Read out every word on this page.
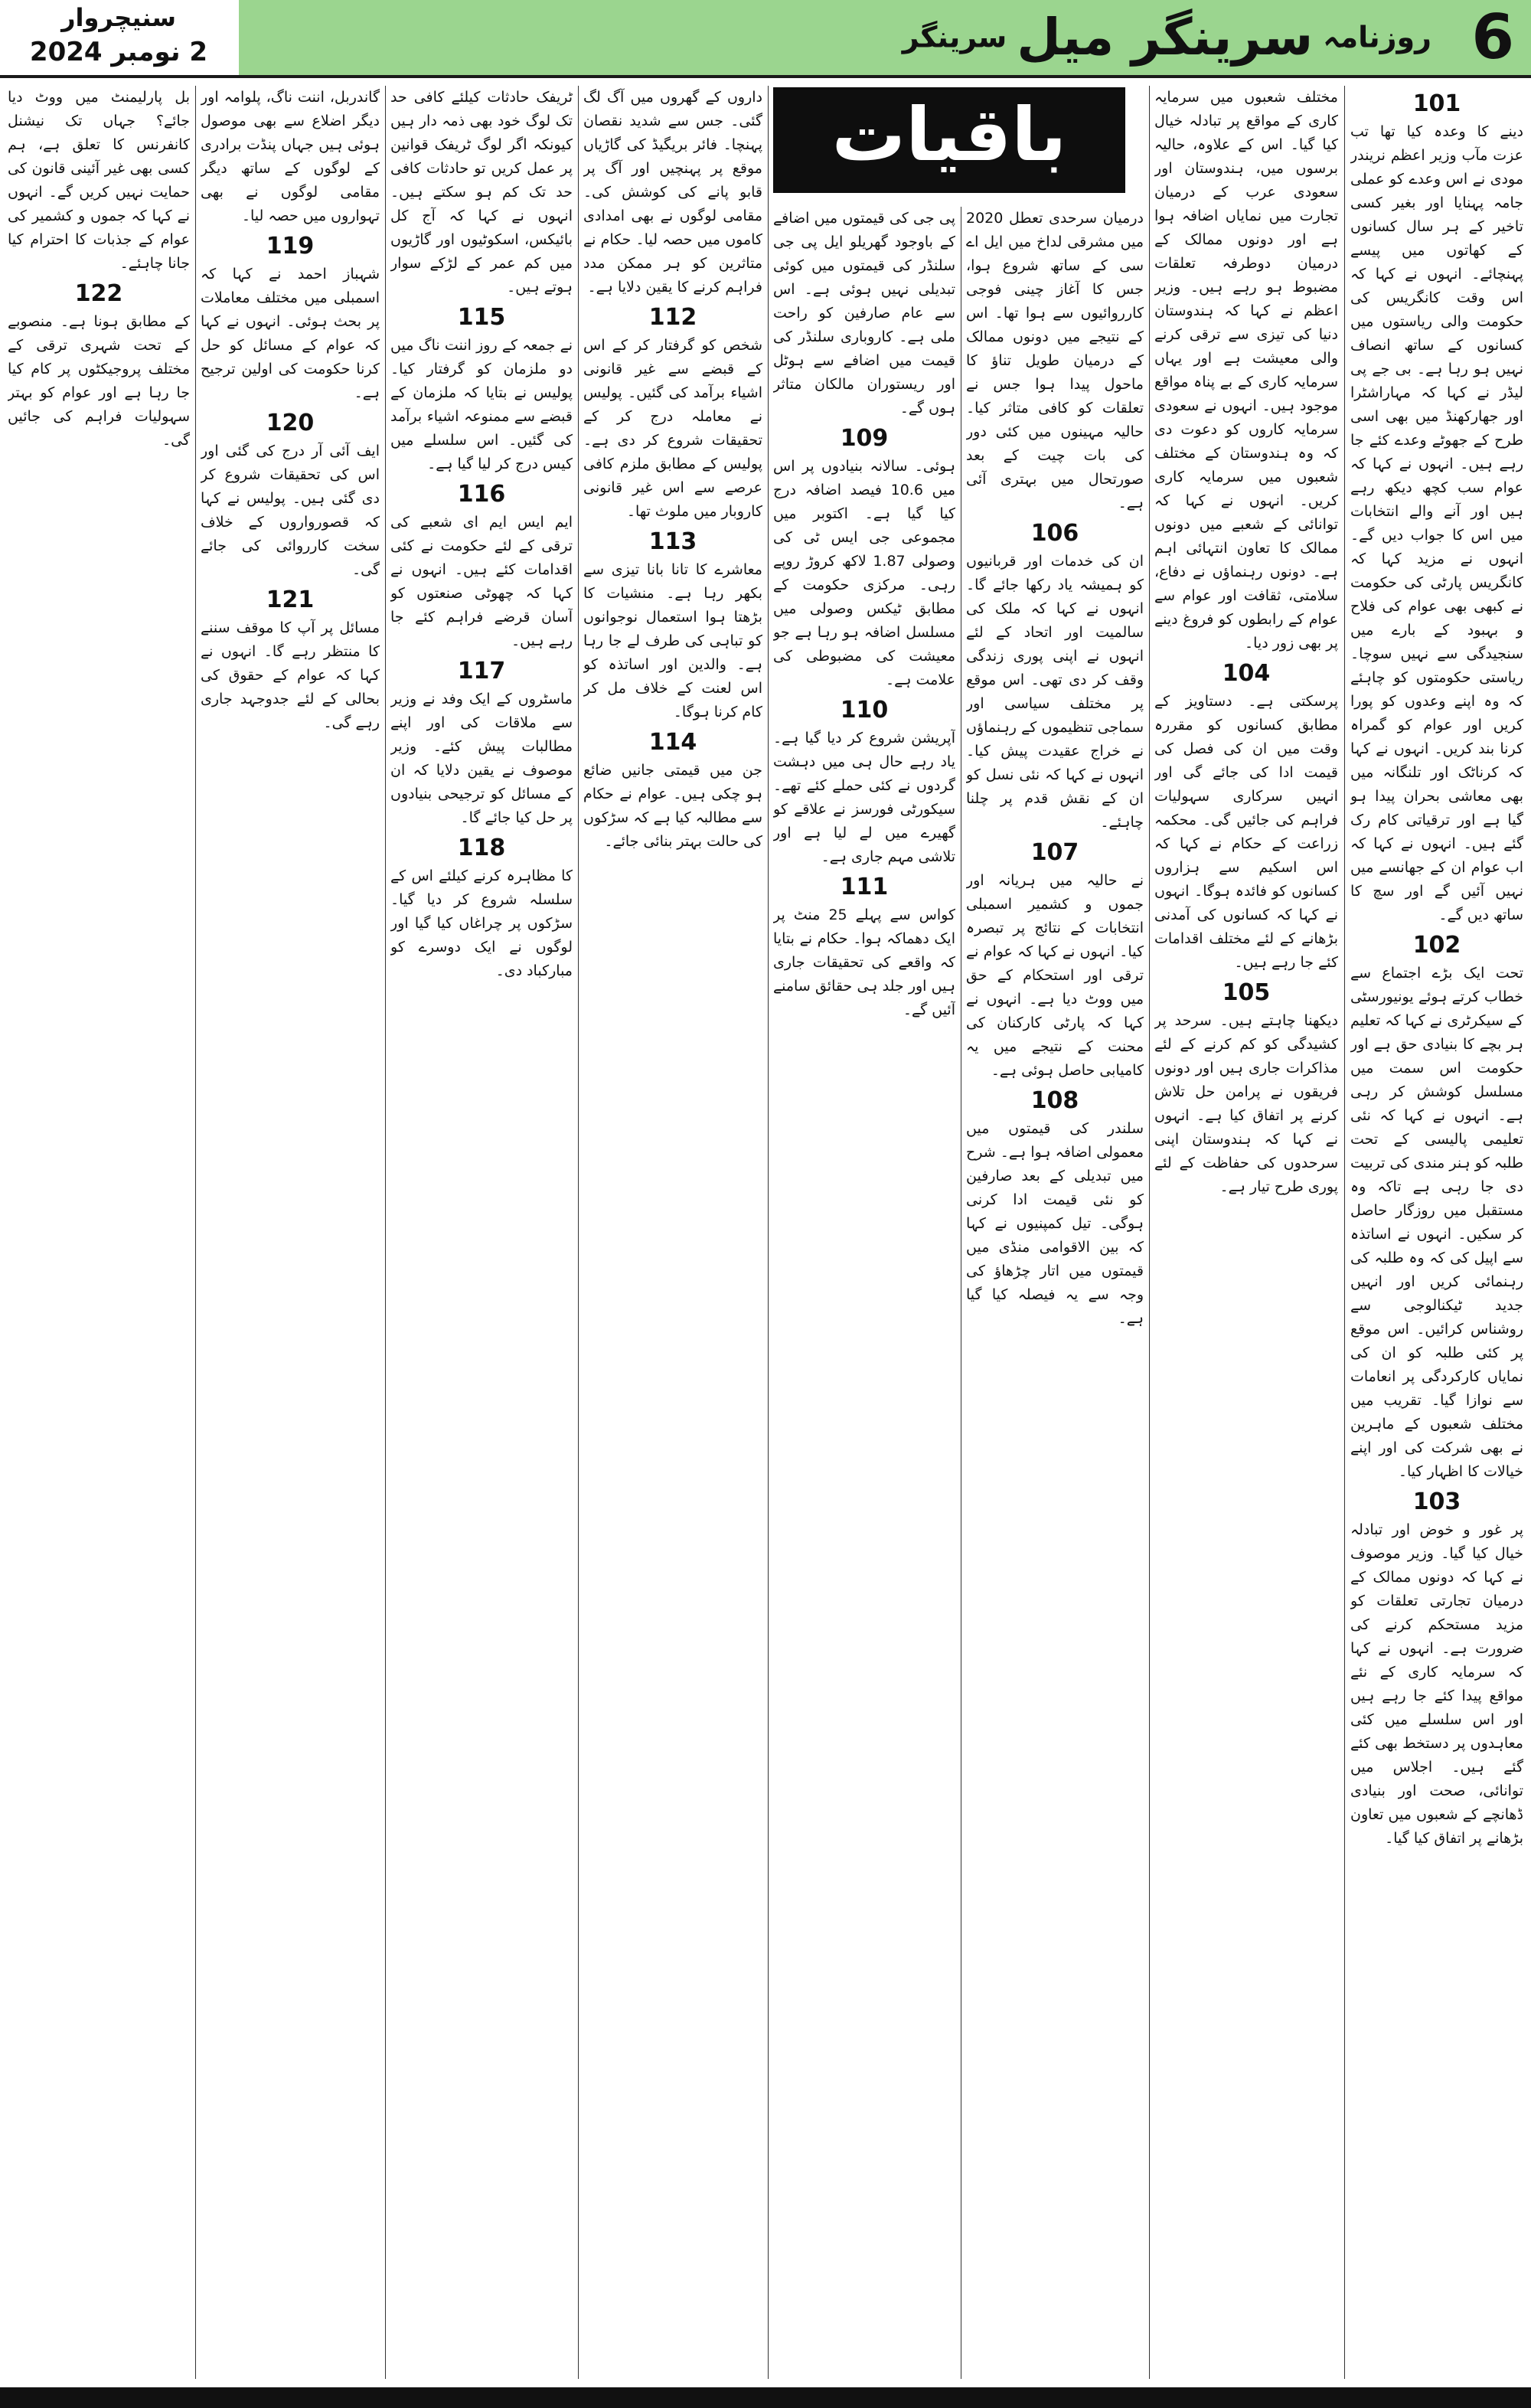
6
روزنامہ سرینگر میل سرینگر
سنیچروار
2 نومبر 2024
باقیات	101

دینے کا وعدہ کیا تھا تب عزت مآب وزیر اعظم نریندر مودی نے اس وعدے کو عملی جامہ پہنایا اور بغیر کسی تاخیر کے ہر سال کسانوں کے کھاتوں میں پیسے پہنچائے۔ انہوں نے کہا کہ اس وقت کانگریس کی حکومت والی ریاستوں میں کسانوں کے ساتھ انصاف نہیں ہو رہا ہے۔ بی جے پی لیڈر نے کہا کہ مہاراشٹرا اور جھارکھنڈ میں بھی اسی طرح کے جھوٹے وعدے کئے جا رہے ہیں۔ انہوں نے کہا کہ عوام سب کچھ دیکھ رہے ہیں اور آنے والے انتخابات میں اس کا جواب دیں گے۔ انہوں نے مزید کہا کہ کانگریس پارٹی کی حکومت نے کبھی بھی عوام کی فلاح و بہبود کے بارے میں سنجیدگی سے نہیں سوچا۔ ریاستی حکومتوں کو چاہئے کہ وہ اپنے وعدوں کو پورا کریں اور عوام کو گمراہ کرنا بند کریں۔ انہوں نے کہا کہ کرناٹک اور تلنگانہ میں بھی معاشی بحران پیدا ہو گیا ہے اور ترقیاتی کام رک گئے ہیں۔ انہوں نے کہا کہ اب عوام ان کے جھانسے میں نہیں آئیں گے اور سچ کا ساتھ دیں گے۔

102

تحت ایک بڑے اجتماع سے خطاب کرتے ہوئے یونیورسٹی کے سیکرٹری نے کہا کہ تعلیم ہر بچے کا بنیادی حق ہے اور حکومت اس سمت میں مسلسل کوشش کر رہی ہے۔ انہوں نے کہا کہ نئی تعلیمی پالیسی کے تحت طلبہ کو ہنر مندی کی تربیت دی جا رہی ہے تاکہ وہ مستقبل میں روزگار حاصل کر سکیں۔ انہوں نے اساتذہ سے اپیل کی کہ وہ طلبہ کی رہنمائی کریں اور انہیں جدید ٹیکنالوجی سے روشناس کرائیں۔ اس موقع پر کئی طلبہ کو ان کی نمایاں کارکردگی پر انعامات سے نوازا گیا۔ تقریب میں مختلف شعبوں کے ماہرین نے بھی شرکت کی اور اپنے خیالات کا اظہار کیا۔

103

پر غور و خوض اور تبادلہ خیال کیا گیا۔ وزیر موصوف نے کہا کہ دونوں ممالک کے درمیان تجارتی تعلقات کو مزید مستحکم کرنے کی ضرورت ہے۔ انہوں نے کہا کہ سرمایہ کاری کے نئے مواقع پیدا کئے جا رہے ہیں اور اس سلسلے میں کئی معاہدوں پر دستخط بھی کئے گئے ہیں۔ اجلاس میں توانائی، صحت اور بنیادی ڈھانچے کے شعبوں میں تعاون بڑھانے پر اتفاق کیا گیا۔

مختلف شعبوں میں سرمایہ کاری کے مواقع پر تبادلہ خیال کیا گیا۔ اس کے علاوہ، حالیہ برسوں میں، ہندوستان اور سعودی عرب کے درمیان تجارت میں نمایاں اضافہ ہوا ہے اور دونوں ممالک کے درمیان دوطرفہ تعلقات مضبوط ہو رہے ہیں۔ وزیر اعظم نے کہا کہ ہندوستان دنیا کی تیزی سے ترقی کرنے والی معیشت ہے اور یہاں سرمایہ کاری کے بے پناہ مواقع موجود ہیں۔ انہوں نے سعودی سرمایہ کاروں کو دعوت دی کہ وہ ہندوستان کے مختلف شعبوں میں سرمایہ کاری کریں۔ انہوں نے کہا کہ توانائی کے شعبے میں دونوں ممالک کا تعاون انتہائی اہم ہے۔ دونوں رہنماؤں نے دفاع، سلامتی، ثقافت اور عوام سے عوام کے رابطوں کو فروغ دینے پر بھی زور دیا۔

104

پرسکتی ہے۔ دستاویز کے مطابق کسانوں کو مقررہ وقت میں ان کی فصل کی قیمت ادا کی جائے گی اور انہیں سرکاری سہولیات فراہم کی جائیں گی۔ محکمہ زراعت کے حکام نے کہا کہ اس اسکیم سے ہزاروں کسانوں کو فائدہ ہوگا۔ انہوں نے کہا کہ کسانوں کی آمدنی بڑھانے کے لئے مختلف اقدامات کئے جا رہے ہیں۔

105

دیکھنا چاہتے ہیں۔ سرحد پر کشیدگی کو کم کرنے کے لئے مذاکرات جاری ہیں اور دونوں فریقوں نے پرامن حل تلاش کرنے پر اتفاق کیا ہے۔ انہوں نے کہا کہ ہندوستان اپنی سرحدوں کی حفاظت کے لئے پوری طرح تیار ہے۔

درمیان سرحدی تعطل 2020 میں مشرقی لداخ میں ایل اے سی کے ساتھ شروع ہوا، جس کا آغاز چینی فوجی کارروائیوں سے ہوا تھا۔ اس کے نتیجے میں دونوں ممالک کے درمیان طویل تناؤ کا ماحول پیدا ہوا جس نے تعلقات کو کافی متاثر کیا۔ حالیہ مہینوں میں کئی دور کی بات چیت کے بعد صورتحال میں بہتری آئی ہے۔

106

ان کی خدمات اور قربانیوں کو ہمیشہ یاد رکھا جائے گا۔ انہوں نے کہا کہ ملک کی سالمیت اور اتحاد کے لئے انہوں نے اپنی پوری زندگی وقف کر دی تھی۔ اس موقع پر مختلف سیاسی اور سماجی تنظیموں کے رہنماؤں نے خراج عقیدت پیش کیا۔ انہوں نے کہا کہ نئی نسل کو ان کے نقش قدم پر چلنا چاہئے۔

107

نے حالیہ میں ہریانہ اور جموں و کشمیر اسمبلی انتخابات کے نتائج پر تبصرہ کیا۔ انہوں نے کہا کہ عوام نے ترقی اور استحکام کے حق میں ووٹ دیا ہے۔ انہوں نے کہا کہ پارٹی کارکنان کی محنت کے نتیجے میں یہ کامیابی حاصل ہوئی ہے۔

108

سلندر کی قیمتوں میں معمولی اضافہ ہوا ہے۔ شرح میں تبدیلی کے بعد صارفین کو نئی قیمت ادا کرنی ہوگی۔ تیل کمپنیوں نے کہا کہ بین الاقوامی منڈی میں قیمتوں میں اتار چڑھاؤ کی وجہ سے یہ فیصلہ کیا گیا ہے۔

پی جی کی قیمتوں میں اضافے کے باوجود گھریلو ایل پی جی سلنڈر کی قیمتوں میں کوئی تبدیلی نہیں ہوئی ہے۔ اس سے عام صارفین کو راحت ملی ہے۔ کاروباری سلنڈر کی قیمت میں اضافے سے ہوٹل اور ریستوران مالکان متاثر ہوں گے۔

109

ہوئی۔ سالانہ بنیادوں پر اس میں 10.6 فیصد اضافہ درج کیا گیا ہے۔ اکتوبر میں مجموعی جی ایس ٹی کی وصولی 1.87 لاکھ کروڑ روپے رہی۔ مرکزی حکومت کے مطابق ٹیکس وصولی میں مسلسل اضافہ ہو رہا ہے جو معیشت کی مضبوطی کی علامت ہے۔

110

آپریشن شروع کر دیا گیا ہے۔ یاد رہے حال ہی میں دہشت گردوں نے کئی حملے کئے تھے۔ سیکورٹی فورسز نے علاقے کو گھیرے میں لے لیا ہے اور تلاشی مہم جاری ہے۔

111

کواس سے پہلے 25 منٹ پر ایک دھماکہ ہوا۔ حکام نے بتایا کہ واقعے کی تحقیقات جاری ہیں اور جلد ہی حقائق سامنے آئیں گے۔

داروں کے گھروں میں آگ لگ گئی۔ جس سے شدید نقصان پہنچا۔ فائر بریگیڈ کی گاڑیاں موقع پر پہنچیں اور آگ پر قابو پانے کی کوشش کی۔ مقامی لوگوں نے بھی امدادی کاموں میں حصہ لیا۔ حکام نے متاثرین کو ہر ممکن مدد فراہم کرنے کا یقین دلایا ہے۔

112

شخص کو گرفتار کر کے اس کے قبضے سے غیر قانونی اشیاء برآمد کی گئیں۔ پولیس نے معاملہ درج کر کے تحقیقات شروع کر دی ہے۔ پولیس کے مطابق ملزم کافی عرصے سے اس غیر قانونی کاروبار میں ملوث تھا۔

113

معاشرے کا تانا بانا تیزی سے بکھر رہا ہے۔ منشیات کا بڑھتا ہوا استعمال نوجوانوں کو تباہی کی طرف لے جا رہا ہے۔ والدین اور اساتذہ کو اس لعنت کے خلاف مل کر کام کرنا ہوگا۔

114

جن میں قیمتی جانیں ضائع ہو چکی ہیں۔ عوام نے حکام سے مطالبہ کیا ہے کہ سڑکوں کی حالت بہتر بنائی جائے۔

ٹریفک حادثات کیلئے کافی حد تک لوگ خود بھی ذمہ دار ہیں کیونکہ اگر لوگ ٹریفک قوانین پر عمل کریں تو حادثات کافی حد تک کم ہو سکتے ہیں۔ انہوں نے کہا کہ آج کل بائیکس، اسکوٹیوں اور گاڑیوں میں کم عمر کے لڑکے سوار ہوتے ہیں۔

115

نے جمعہ کے روز اننت ناگ میں دو ملزمان کو گرفتار کیا۔ پولیس نے بتایا کہ ملزمان کے قبضے سے ممنوعہ اشیاء برآمد کی گئیں۔ اس سلسلے میں کیس درج کر لیا گیا ہے۔

116

ایم ایس ایم ای شعبے کی ترقی کے لئے حکومت نے کئی اقدامات کئے ہیں۔ انہوں نے کہا کہ چھوٹی صنعتوں کو آسان قرضے فراہم کئے جا رہے ہیں۔

117

ماسٹروں کے ایک وفد نے وزیر سے ملاقات کی اور اپنے مطالبات پیش کئے۔ وزیر موصوف نے یقین دلایا کہ ان کے مسائل کو ترجیحی بنیادوں پر حل کیا جائے گا۔

118

کا مظاہرہ کرنے کیلئے اس کے سلسلہ شروع کر دیا گیا۔ سڑکوں پر چراغاں کیا گیا اور لوگوں نے ایک دوسرے کو مبارکباد دی۔

گاندربل، اننت ناگ، پلوامہ اور دیگر اضلاع سے بھی موصول ہوئی ہیں جہاں پنڈت برادری کے لوگوں کے ساتھ دیگر مقامی لوگوں نے بھی تہواروں میں حصہ لیا۔

119

شہباز احمد نے کہا کہ اسمبلی میں مختلف معاملات پر بحث ہوئی۔ انہوں نے کہا کہ عوام کے مسائل کو حل کرنا حکومت کی اولین ترجیح ہے۔

120

ایف آئی آر درج کی گئی اور اس کی تحقیقات شروع کر دی گئی ہیں۔ پولیس نے کہا کہ قصورواروں کے خلاف سخت کارروائی کی جائے گی۔

121

مسائل پر آپ کا موقف سننے کا منتظر رہے گا۔ انہوں نے کہا کہ عوام کے حقوق کی بحالی کے لئے جدوجہد جاری رہے گی۔

بل پارلیمنٹ میں ووٹ دیا جائے؟ جہاں تک نیشنل کانفرنس کا تعلق ہے، ہم کسی بھی غیر آئینی قانون کی حمایت نہیں کریں گے۔ انہوں نے کہا کہ جموں و کشمیر کی عوام کے جذبات کا احترام کیا جانا چاہئے۔

122

کے مطابق ہونا ہے۔ منصوبے کے تحت شہری ترقی کے مختلف پروجیکٹوں پر کام کیا جا رہا ہے اور عوام کو بہتر سہولیات فراہم کی جائیں گی۔
